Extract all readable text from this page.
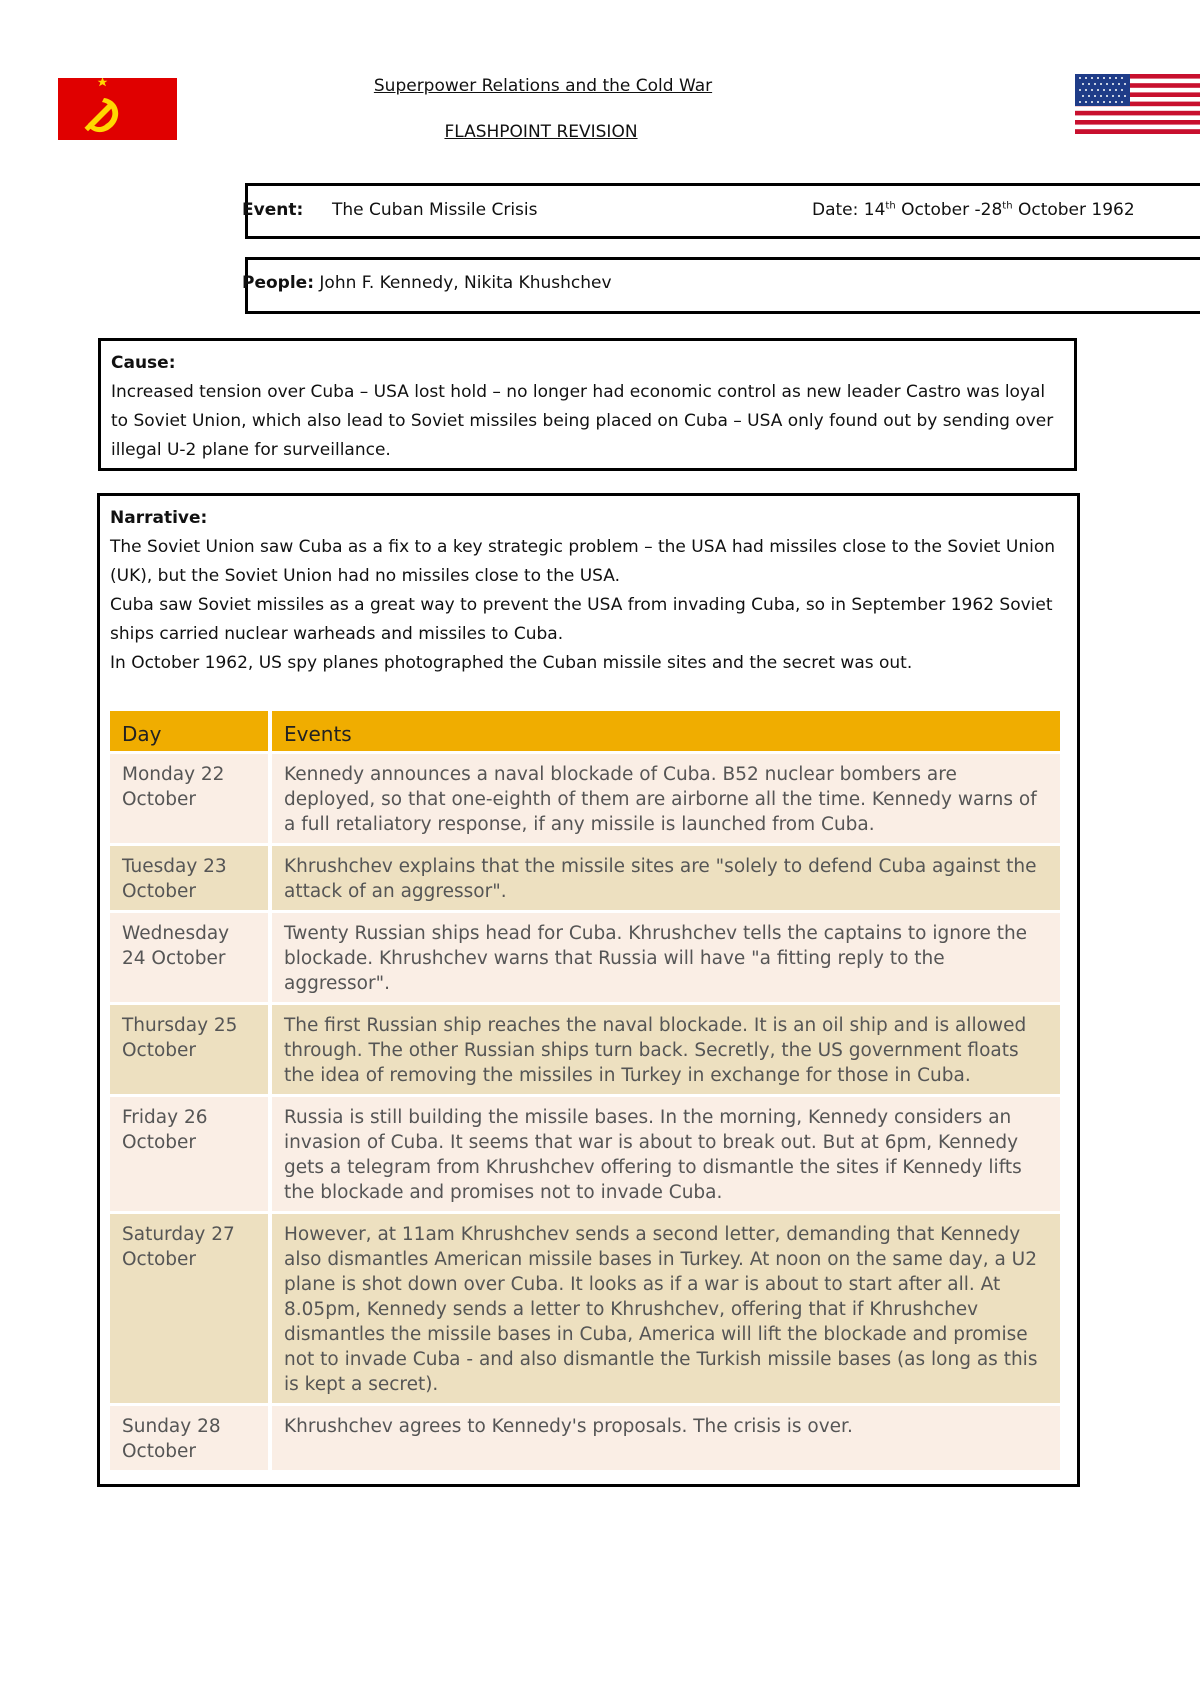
Superpower Relations and the Cold War
FLASHPOINT REVISION
Event: The Cuban Missile Crisis	Date: 14th October -28th October 1962
People: John F. Kennedy, Nikita Khushchev
Cause:
Increased tension over Cuba – USA lost hold – no longer had economic control as new leader Castro was loyal to Soviet Union, which also lead to Soviet missiles being placed on Cuba – USA only found out by sending over illegal U-2 plane for surveillance.
Narrative:
The Soviet Union saw Cuba as a fix to a key strategic problem – the USA had missiles close to the Soviet Union (UK), but the Soviet Union had no missiles close to the USA.
Cuba saw Soviet missiles as a great way to prevent the USA from invading Cuba, so in September 1962 Soviet ships carried nuclear warheads and missiles to Cuba.
In October 1962, US spy planes photographed the Cuban missile sites and the secret was out.
Day	Events
Monday 22 October	Kennedy announces a naval blockade of Cuba. B52 nuclear bombers are deployed, so that one-eighth of them are airborne all the time. Kennedy warns of a full retaliatory response, if any missile is launched from Cuba.
Tuesday 23 October	Khrushchev explains that the missile sites are "solely to defend Cuba against the attack of an aggressor".
Wednesday 24 October	Twenty Russian ships head for Cuba. Khrushchev tells the captains to ignore the blockade. Khrushchev warns that Russia will have "a fitting reply to the aggressor".
Thursday 25 October	The first Russian ship reaches the naval blockade. It is an oil ship and is allowed through. The other Russian ships turn back. Secretly, the US government floats the idea of removing the missiles in Turkey in exchange for those in Cuba.
Friday 26 October	Russia is still building the missile bases. In the morning, Kennedy considers an invasion of Cuba. It seems that war is about to break out. But at 6pm, Kennedy gets a telegram from Khrushchev offering to dismantle the sites if Kennedy lifts the blockade and promises not to invade Cuba.
Saturday 27 October	However, at 11am Khrushchev sends a second letter, demanding that Kennedy also dismantles American missile bases in Turkey. At noon on the same day, a U2 plane is shot down over Cuba. It looks as if a war is about to start after all. At 8.05pm, Kennedy sends a letter to Khrushchev, offering that if Khrushchev dismantles the missile bases in Cuba, America will lift the blockade and promise not to invade Cuba - and also dismantle the Turkish missile bases (as long as this is kept a secret).
Sunday 28 October	Khrushchev agrees to Kennedy's proposals. The crisis is over.
